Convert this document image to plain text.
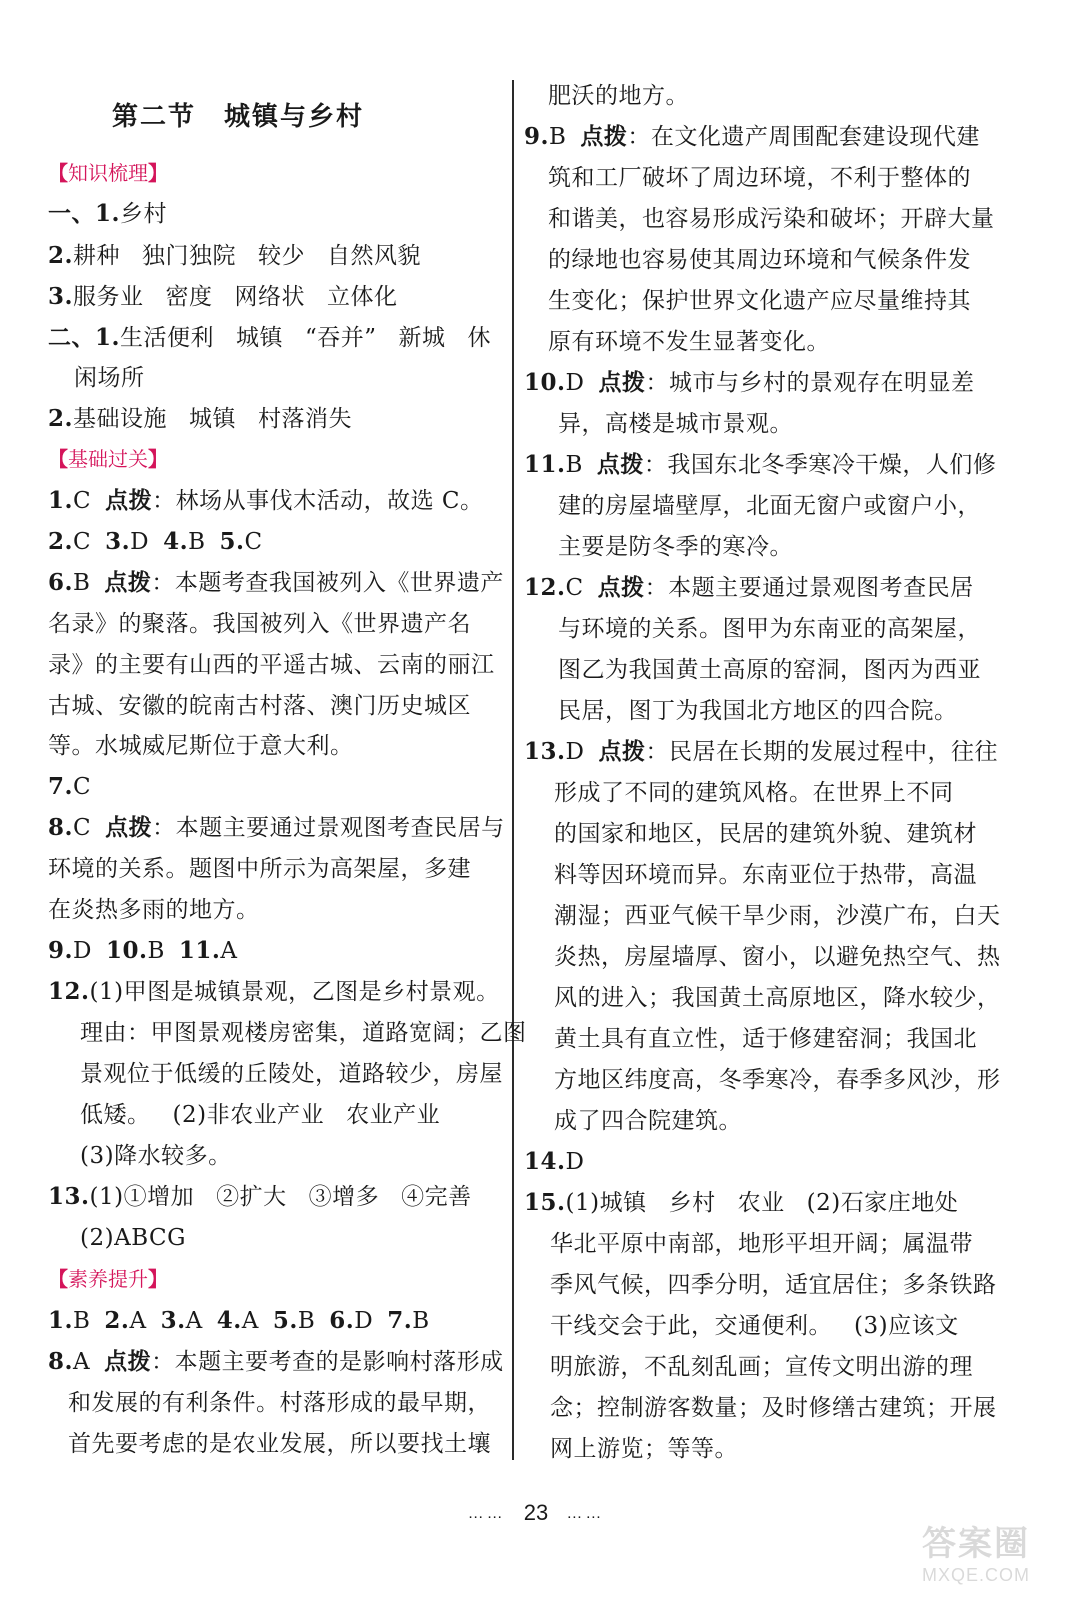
第二节 城镇与乡村
【知识梳理】
一、1.乡村
2.耕种 独门独院 较少 自然风貌
3.服务业 密度 网络状 立体化
二、1.生活便利 城镇 “吞并” 新城 休
闲场所
2.基础设施 城镇 村落消失
【基础过关】
1.C 点拨：林场从事伐木活动，故选 C。
2.C 3.D 4.B 5.C
6.B 点拨：本题考查我国被列入《世界遗产
名录》的聚落。我国被列入《世界遗产名
录》的主要有山西的平遥古城、云南的丽江
古城、安徽的皖南古村落、澳门历史城区
等。水城威尼斯位于意大利。
7.C
8.C 点拨：本题主要通过景观图考查民居与
环境的关系。题图中所示为高架屋，多建
在炎热多雨的地方。
9.D 10.B 11.A
12.(1)甲图是城镇景观，乙图是乡村景观。
理由：甲图景观楼房密集，道路宽阔；乙图
景观位于低缓的丘陵处，道路较少，房屋
低矮。 (2)非农业产业 农业产业
(3)降水较多。
13.(1)①增加 ②扩大 ③增多 ④完善
(2)ABCG
【素养提升】
1.B 2.A 3.A 4.A 5.B 6.D 7.B
8.A 点拨：本题主要考查的是影响村落形成
和发展的有利条件。村落形成的最早期，
首先要考虑的是农业发展，所以要找土壤
肥沃的地方。
9.B 点拨：在文化遗产周围配套建设现代建
筑和工厂破坏了周边环境，不利于整体的
和谐美，也容易形成污染和破坏；开辟大量
的绿地也容易使其周边环境和气候条件发
生变化；保护世界文化遗产应尽量维持其
原有环境不发生显著变化。
10.D 点拨：城市与乡村的景观存在明显差
异，高楼是城市景观。
11.B 点拨：我国东北冬季寒冷干燥，人们修
建的房屋墙壁厚，北面无窗户或窗户小，
主要是防冬季的寒冷。
12.C 点拨：本题主要通过景观图考查民居
与环境的关系。图甲为东南亚的高架屋，
图乙为我国黄土高原的窑洞，图丙为西亚
民居，图丁为我国北方地区的四合院。
13.D 点拨：民居在长期的发展过程中，往往
形成了不同的建筑风格。在世界上不同
的国家和地区，民居的建筑外貌、建筑材
料等因环境而异。东南亚位于热带，高温
潮湿；西亚气候干旱少雨，沙漠广布，白天
炎热，房屋墙厚、窗小，以避免热空气、热
风的进入；我国黄土高原地区，降水较少，
黄土具有直立性，适于修建窑洞；我国北
方地区纬度高，冬季寒冷，春季多风沙，形
成了四合院建筑。
14.D
15.(1)城镇 乡村 农业 (2)石家庄地处
华北平原中南部，地形平坦开阔；属温带
季风气候，四季分明，适宜居住；多条铁路
干线交会于此，交通便利。 (3)应该文
明旅游，不乱刻乱画；宣传文明出游的理
念；控制游客数量；及时修缮古建筑；开展
网上游览；等等。
…… 23 ……
答案圈
MXQE.COM
